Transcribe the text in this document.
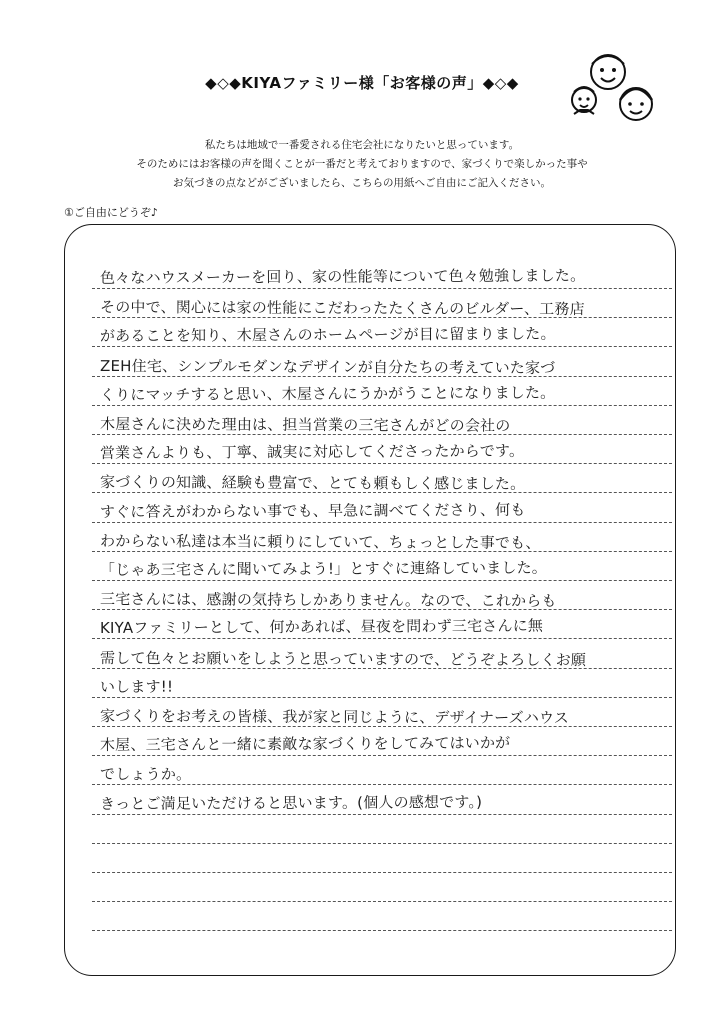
◆◇◆KIYAファミリー様「お客様の声」◆◇◆
私たちは地域で一番愛される住宅会社になりたいと思っています。
そのためにはお客様の声を聞くことが一番だと考えておりますので、家づくりで楽しかった事や
お気づきの点などがございましたら、こちらの用紙へご自由にご記入ください。
①ご自由にどうぞ♪
色々なハウスメーカーを回り、家の性能等について色々勉強しました。
その中で、関心には家の性能にこだわったたくさんのビルダー、工務店
があることを知り、木屋さんのホームページが目に留まりました。
ZEH住宅、シンプルモダンなデザインが自分たちの考えていた家づ
くりにマッチすると思い、木屋さんにうかがうことになりました。
木屋さんに決めた理由は、担当営業の三宅さんがどの会社の
営業さんよりも、丁寧、誠実に対応してくださったからです。
家づくりの知識、経験も豊富で、とても頼もしく感じました。
すぐに答えがわからない事でも、早急に調べてくださり、何も
わからない私達は本当に頼りにしていて、ちょっとした事でも、
「じゃあ三宅さんに聞いてみよう!」とすぐに連絡していました。
三宅さんには、感謝の気持ちしかありません。なので、これからも
KIYAファミリーとして、何かあれば、昼夜を問わず三宅さんに無
需して色々とお願いをしようと思っていますので、どうぞよろしくお願
いします!!
家づくりをお考えの皆様、我が家と同じように、デザイナーズハウス
木屋、三宅さんと一緒に素敵な家づくりをしてみてはいかが
でしょうか。
きっとご満足いただけると思います。(個人の感想です。)
